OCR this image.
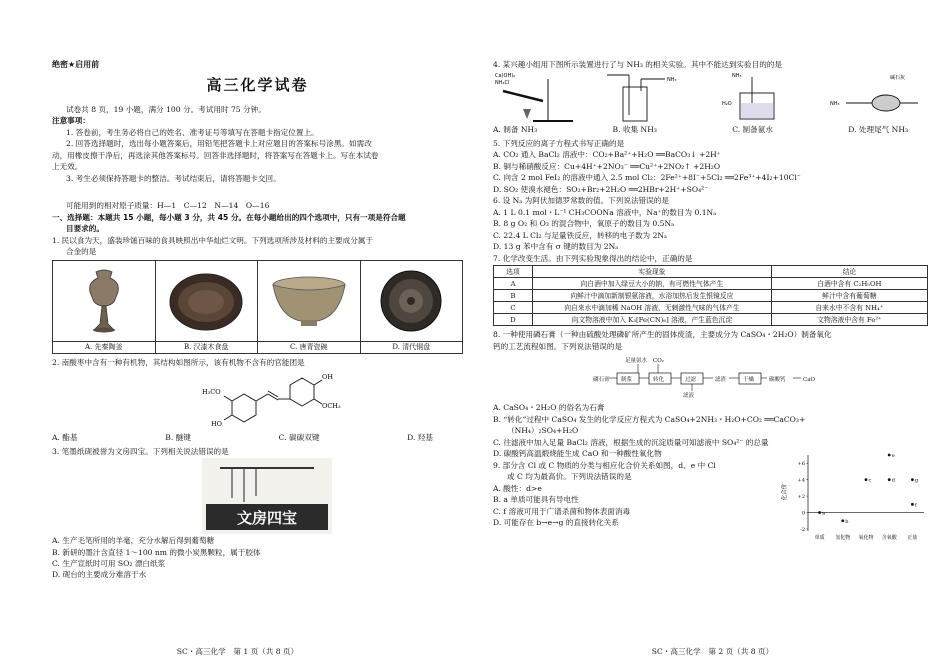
绝密★启用前
高三化学试卷
试卷共 8 页，19 小题，满分 100 分。考试用时 75 分钟。
注意事项：
1. 答卷前，考生务必将自己的姓名、准考证号等填写在答题卡指定位置上。
2. 回答选择题时，选出每小题答案后，用铅笔把答题卡上对应题目的答案标号涂黑。如需改
动，用橡皮擦干净后，再选涂其他答案标号。回答非选择题时，将答案写在答题卡上。写在本试卷
上无效。
3. 考生必须保持答题卡的整洁。考试结束后，请将答题卡交回。
可能用到的相对原子质量：H—1　C—12　N—14　O—16
一、选择题：本题共 15 小题，每小题 3 分，共 45 分。在每小题给出的四个选项中，只有一项是符合题
目要求的。
1. 民以食为天，盛装珍馐百味的食具映照出中华灿烂文明。下列选项所涉及材料的主要成分属于
合金的是
A. 先秦陶釜	B. 汉漆木食盘	C. 唐青瓷碗	D. 清代铜盘
2. 南酸枣中含有一种有机物，其结构如图所示，该有机物不含有的官能团是
H₃CO
HO
OH
OCH₃
A. 酯基	B. 醚键	C. 碳碳双键	D. 羟基
3. 笔墨纸砚被誉为文房四宝。下列相关说法错误的是
文房四宝
A. 生产毛笔所用的羊毫，充分水解后得到葡萄糖
B. 新研的墨汁含直径 1～100 nm 的微小炭黑颗粒，属于胶体
C. 生产宣纸时可用 SO₂ 漂白纸浆
D. 砚台的主要成分难溶于水
SC・高三化学　第 1 页（共 8 页）
4. 某兴趣小组用下图所示装置进行了与 NH₃ 的相关实验。其中不能达到实验目的的是
Ca(OH)₂
NH₄Cl	NH₃
NH₃
H₂O
碱石灰
NH₃
A. 制备 NH₃	B. 收集 NH₃	C. 制备氨水	D. 处理尾气 NH₃
5. 下列反应的离子方程式书写正确的是
A. CO₂ 通入 BaCl₂ 溶液中：CO₂+Ba²⁺+H₂O ══BaCO₃↓ +2H⁺
B. 铜与稀硝酸反应：Cu+4H⁺+2NO₃⁻ ══Cu²⁺+2NO₂↑ +2H₂O
C. 向含 2 mol FeI₂ 的溶液中通入 2.5 mol Cl₂：2Fe²⁺+8I⁻+5Cl₂ ══2Fe³⁺+4I₂+10Cl⁻
D. SO₂ 使溴水褪色：SO₂+Br₂+2H₂O ══2HBr+2H⁺+SO₄²⁻
6. 设 Nₐ 为阿伏加德罗常数的值。下列说法错误的是
A. 1 L 0.1 mol・L⁻¹ CH₃COONa 溶液中，Na⁺的数目为 0.1Nₐ
B. 8 g O₂ 和 O₃ 的混合物中，氧原子的数目为 0.5Nₐ
C. 22.4 L Cl₂ 与足量铁反应，转移的电子数为 2Nₐ
D. 13 g 苯中含有 σ 键的数目为 2Nₐ
7. 化学改变生活。由下列实验现象得出的结论中，正确的是
选项	实验现象	结论
A	向白酒中加入绿豆大小的钠，有可燃性气体产生	白酒中含有 C₂H₅OH
B	向鲜汁中滴加新制银氨溶液，水浴加热后发生银镜反应	鲜汁中含有葡萄糖
C	向自来水中滴加稀 NaOH 溶液，无刺激性气味的气体产生	自来水中不含有 NH₄⁺
D	向文物溶液中加入 K₃[Fe(CN)₆] 溶液，产生蓝色沉淀	文物溶液中含有 Fe²⁺
8. 一种使用磷石膏（一种由硫酸处理磷矿所产生的固体废渣，主要成分为 CaSO₄・2H₂O）制备氧化
钙的工艺流程如图。下列说法错误的是
磷石膏 制浆	转化	过滤	滤渣	干燥	碳酸钙	CaO
足量氨水 CO₂
滤液
A. CaSO₄・2H₂O 的俗名为石膏
B. “转化”过程中 CaSO₄ 发生的化学反应方程式为 CaSO₄+2NH₃・H₂O+CO₂ ══CaCO₃+
（NH₄）₂SO₄+H₂O
C. 往滤液中加入足量 BaCl₂ 溶液，根据生成的沉淀质量可知滤液中 SO₄²⁻ 的总量
D. 碳酸钙高温煅烧能生成 CaO 和一种酸性氧化物
9. 部分含 Cl 或 C 物质的分类与相应化合价关系如图，d、e 中 Cl
或 C 均为最高价。下列说法错误的是
A. 酸性：d>e
B. a 单质可能具有导电性
C. f 溶液可用于广谱杀菌和物体表面消毒
D. 可能存在 b→e→g 的直接转化关系
+6
+4
+2
0
-2
单质 氢化物 氧化物 含氧酸 正盐
化合价
a
b
c	d
e
f
g
SC・高三化学　第 2 页（共 8 页）
